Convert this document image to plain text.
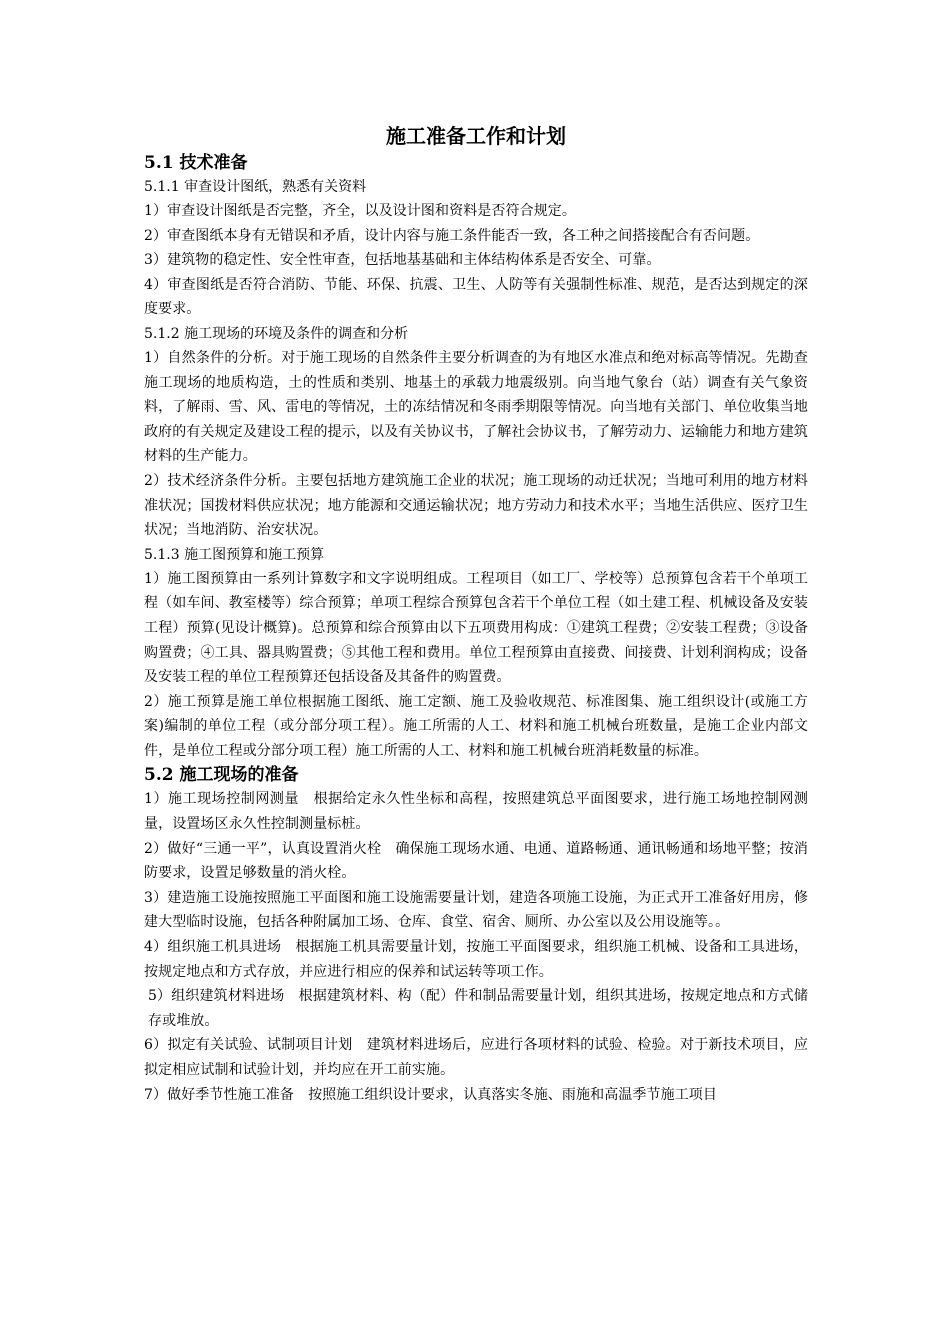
施工准备工作和计划
5.1 技术准备
5.1.1 审查设计图纸，熟悉有关资料

1）审查设计图纸是否完整，齐全，以及设计图和资料是否符合规定。

2）审查图纸本身有无错误和矛盾，设计内容与施工条件能否一致，各工种之间搭接配合有否问题。

3）建筑物的稳定性、安全性审查，包括地基基础和主体结构体系是否安全、可靠。

4）审查图纸是否符合消防、节能、环保、抗震、卫生、人防等有关强制性标准、规范，是否达到规定的深度要求。

5.1.2 施工现场的环境及条件的调查和分析

1）自然条件的分析。对于施工现场的自然条件主要分析调查的为有地区水准点和绝对标高等情况。先勘查施工现场的地质构造，土的性质和类别、地基土的承载力地震级别。向当地气象台（站）调查有关气象资料，了解雨、雪、风、雷电的等情况，土的冻结情况和冬雨季期限等情况。向当地有关部门、单位收集当地政府的有关规定及建设工程的提示，以及有关协议书，了解社会协议书，了解劳动力、运输能力和地方建筑材料的生产能力。

2）技术经济条件分析。主要包括地方建筑施工企业的状况；施工现场的动迁状况；当地可利用的地方材料准状况；国拨材料供应状况；地方能源和交通运输状况；地方劳动力和技术水平；当地生活供应、医疗卫生状况；当地消防、治安状况。

5.1.3 施工图预算和施工预算

1）施工图预算由一系列计算数字和文字说明组成。工程项目（如工厂、学校等）总预算包含若干个单项工程（如车间、教室楼等）综合预算；单项工程综合预算包含若干个单位工程（如土建工程、机械设备及安装工程）预算(见设计概算)。总预算和综合预算由以下五项费用构成：①建筑工程费；②安装工程费；③设备购置费；④工具、器具购置费；⑤其他工程和费用。单位工程预算由直接费、间接费、计划利润构成；设备及安装工程的单位工程预算还包括设备及其备件的购置费。

2）施工预算是施工单位根据施工图纸、施工定额、施工及验收规范、标准图集、施工组织设计(或施工方案)编制的单位工程（或分部分项工程）。施工所需的人工、材料和施工机械台班数量，是施工企业内部文件，是单位工程或分部分项工程）施工所需的人工、材料和施工机械台班消耗数量的标准。

5.2 施工现场的准备

1）施工现场控制网测量　根据给定永久性坐标和高程，按照建筑总平面图要求，进行施工场地控制网测量，设置场区永久性控制测量标桩。

2）做好“三通一平”，认真设置消火栓　确保施工现场水通、电通、道路畅通、通讯畅通和场地平整；按消防要求，设置足够数量的消火栓。

3）建造施工设施按照施工平面图和施工设施需要量计划，建造各项施工设施，为正式开工准备好用房，修建大型临时设施，包括各种附属加工场、仓库、食堂、宿舍、厕所、办公室以及公用设施等。。

4）组织施工机具进场　根据施工机具需要量计划，按施工平面图要求，组织施工机械、设备和工具进场，按规定地点和方式存放，并应进行相应的保养和试运转等项工作。

5）组织建筑材料进场　根据建筑材料、构（配）件和制品需要量计划，组织其进场，按规定地点和方式储存或堆放。

6）拟定有关试验、试制项目计划　建筑材料进场后，应进行各项材料的试验、检验。对于新技术项目，应拟定相应试制和试验计划，并均应在开工前实施。

7）做好季节性施工准备　按照施工组织设计要求，认真落实冬施、雨施和高温季节施工项目
